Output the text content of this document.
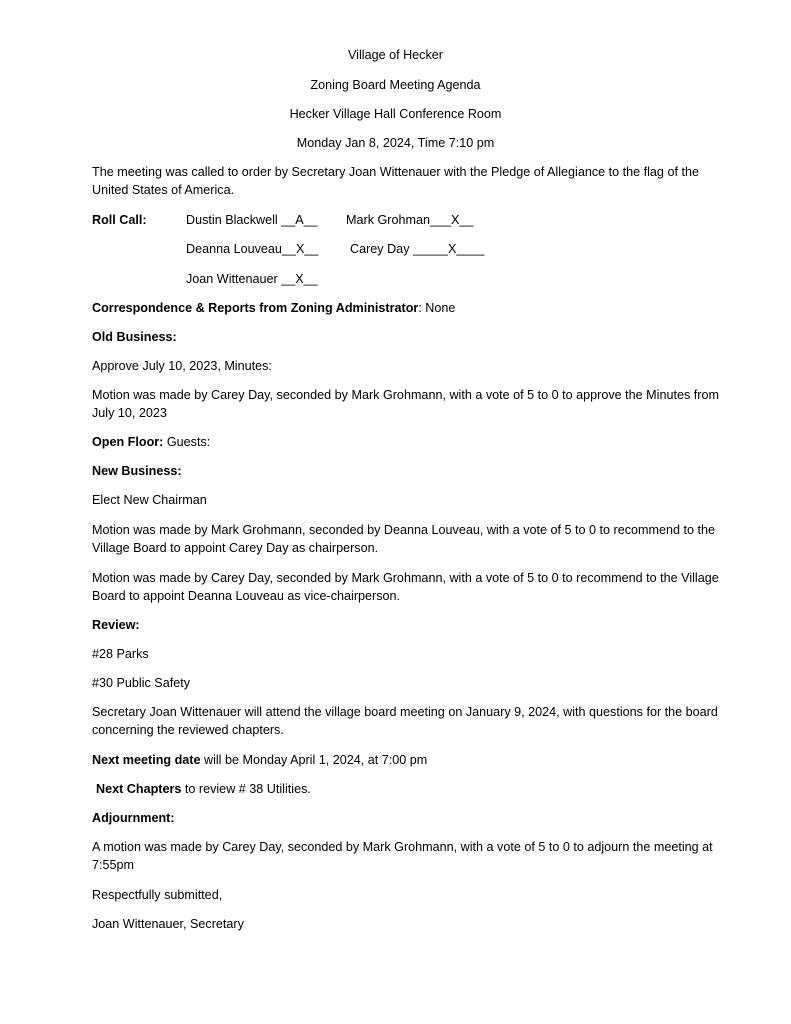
Village of Hecker
Zoning Board Meeting Agenda
Hecker Village Hall Conference Room
Monday Jan 8, 2024, Time 7:10 pm
The meeting was called to order by Secretary Joan Wittenauer with the Pledge of Allegiance to the flag of the
United States of America.
Roll Call:	Dustin Blackwell __A__ Mark Grohman___X__
Deanna Louveau__X__	Carey Day _____X____
Joan Wittenauer __X__
Correspondence & Reports from Zoning Administrator: None
Old Business:
Approve July 10, 2023, Minutes:
Motion was made by Carey Day, seconded by Mark Grohmann, with a vote of 5 to 0 to approve the Minutes from
July 10, 2023
Open Floor: Guests:
New Business:
Elect New Chairman
Motion was made by Mark Grohmann, seconded by Deanna Louveau, with a vote of 5 to 0 to recommend to the
Village Board to appoint Carey Day as chairperson.
Motion was made by Carey Day, seconded by Mark Grohmann, with a vote of 5 to 0 to recommend to the Village
Board to appoint Deanna Louveau as vice-chairperson.
Review:
#28 Parks
#30 Public Safety
Secretary Joan Wittenauer will attend the village board meeting on January 9, 2024, with questions for the board
concerning the reviewed chapters.
Next meeting date will be Monday April 1, 2024, at 7:00 pm
Next Chapters to review # 38 Utilities.
Adjournment:
A motion was made by Carey Day, seconded by Mark Grohmann, with a vote of 5 to 0 to adjourn the meeting at
7:55pm
Respectfully submitted,
Joan Wittenauer, Secretary
